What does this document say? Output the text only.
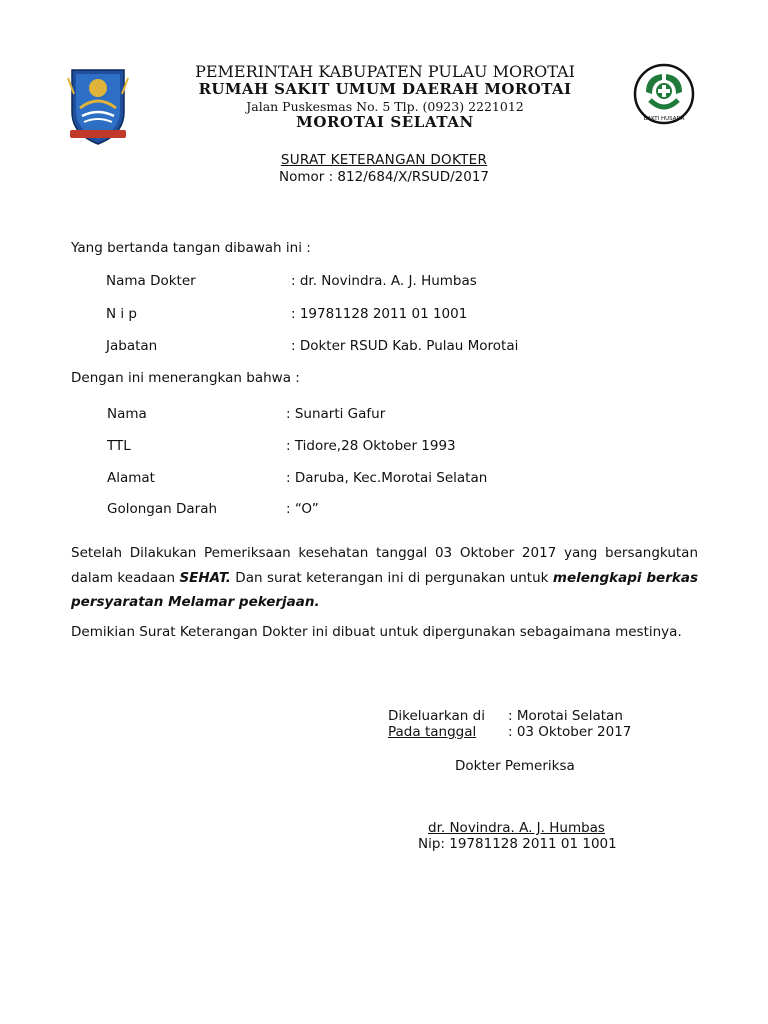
PEMERINTAH KABUPATEN PULAU MOROTAI
RUMAH SAKIT UMUM DAERAH MOROTAI
Jalan Puskesmas No. 5 Tlp. (0923) 2221012
MOROTAI SELATAN	BAKTI HUSADA
SURAT KETERANGAN DOKTER
Nomor : 812/684/X/RSUD/2017
Yang bertanda tangan dibawah ini :
Nama Dokter	: dr. Novindra. A. J. Humbas
N i p	: 19781128 2011 01 1001
Jabatan	: Dokter RSUD Kab. Pulau Morotai
Dengan ini menerangkan bahwa :
Nama	: Sunarti Gafur
TTL	: Tidore,28 Oktober 1993
Alamat	: Daruba, Kec.Morotai Selatan
Golongan Darah	: “O”
Setelah Dilakukan Pemeriksaan kesehatan tanggal 03 Oktober 2017 yang bersangkutan dalam keadaan SEHAT. Dan surat keterangan ini di pergunakan untuk melengkapi berkas persyaratan Melamar pekerjaan.
Demikian Surat Keterangan Dokter ini dibuat untuk dipergunakan sebagaimana mestinya.
Dikeluarkan di : Morotai Selatan
Pada tanggal : 03 Oktober 2017
Dokter Pemeriksa
dr. Novindra. A. J. Humbas
Nip: 19781128 2011 01 1001
